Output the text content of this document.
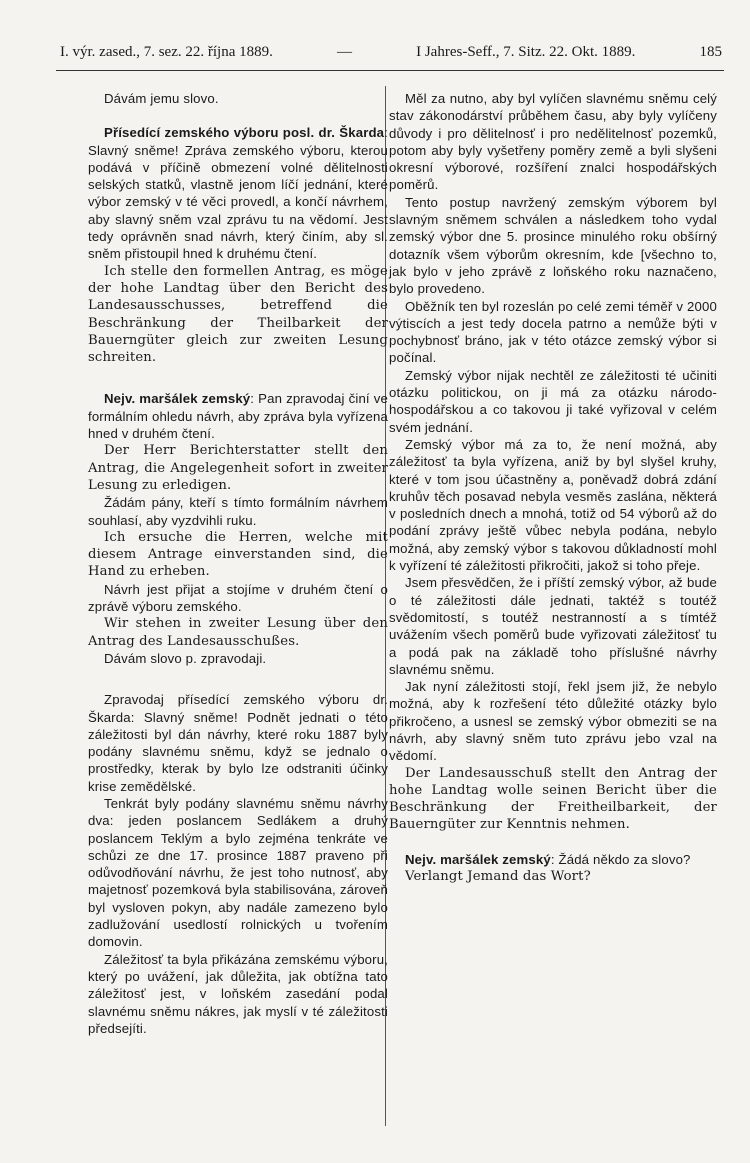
I. výr. zased., 7. sez. 22. října 1889.	—	I Jahres-Seff., 7. Sitz. 22. Okt. 1889.	185

Dávám jemu slovo.

Přísedící zemského výboru posl. dr. Škarda: Slavný sněme! Zpráva zemského výboru, kterou podává v příčině obmezení volné dělitelnosti selských statků, vlastně jenom líčí jednání, které výbor zemský v té věci provedl, a končí návrhem, aby slavný sněm vzal zprávu tu na vědomí. Jest tedy oprávněn snad návrh, který činím, aby sl. sněm přistoupil hned k druhému čtení.

Ich stelle den formellen Antrag, es möge der hohe Landtag über den Bericht des Landesausschusses, betreffend die Beschränkung der Theilbarkeit der Bauerngüter gleich zur zweiten Lesung schreiten.

Nejv. maršálek zemský: Pan zpravodaj činí ve formálním ohledu návrh, aby zpráva byla vyřízena hned v druhém čtení.

Der Herr Berichterstatter stellt den Antrag, die Angelegenheit sofort in zweiter Lesung zu erledigen.

Žádám pány, kteří s tímto formálním návrhem souhlasí, aby vyzdvihli ruku.

Ich ersuche die Herren, welche mit diesem Antrage einverstanden sind, die Hand zu erheben.

Návrh jest přijat a stojíme v druhém čtení o zprávě výboru zemského.

Wir stehen in zweiter Lesung über den Antrag des Landesausschußes.

Dávám slovo p. zpravodaji.

Zpravodaj přísedící zemského výboru dr. Škarda: Slavný sněme! Podnět jednati o této záležitosti byl dán návrhy, které roku 1887 byly podány slavnému sněmu, když se jednalo o prostředky, kterak by bylo lze odstraniti účinky krise zemědělské.

Tenkrát byly podány slavnému sněmu návrhy dva: jeden poslancem Sedlákem a druhý poslancem Teklým a bylo zejména tenkráte ve schůzi ze dne 17. prosince 1887 praveno při odůvodňování návrhu, že jest toho nutnosť, aby majetnosť pozemková byla stabilisována, zároveň byl vysloven pokyn, aby nadále zamezeno bylo zadlužování usedlostí rolnických u tvořením domovin.

Záležitosť ta byla přikázána zemskému výboru, který po uvážení, jak důležita, jak obtížna tato záležitosť jest, v loňském zasedání podal slavnému sněmu nákres, jak myslí v té záležitosti předsejíti.

Měl za nutno, aby byl vylíčen slavnému sněmu celý stav zákonodárství průběhem času, aby byly vylíčeny důvody i pro dělitelnosť i pro nedělitelnosť pozemků, potom aby byly vyšetřeny poměry země a byli slyšeni okresní výborové, rozšíření znalci hospodářských poměrů.

Tento postup navržený zemským výborem byl slavným sněmem schválen a následkem toho vydal zemský výbor dne 5. prosince minulého roku obšírný dotazník všem výborům okresním, kde [všechno to, jak bylo v jeho zprávě z loňského roku naznačeno, bylo provedeno.

Oběžník ten byl rozeslán po celé zemi téměř v 2000 výtiscích a jest tedy docela patrno a nemůže býti v pochybnosť bráno, jak v této otázce zemský výbor si počínal.

Zemský výbor nijak nechtěl ze záležitosti té učiniti otázku politickou, on ji má za otázku národo-hospodářskou a co takovou ji také vyřizoval v celém svém jednání.

Zemský výbor má za to, že není možná, aby záležitosť ta byla vyřízena, aniž by byl slyšel kruhy, které v tom jsou účastněny a, poněvadž dobrá zdání kruhův těch posavad nebyla vesměs zaslána, některá v posledních dnech a mnohá, totiž od 54 výborů až do podání zprávy ještě vůbec nebyla podána, nebylo možná, aby zemský výbor s takovou důkladností mohl k vyřízení té záležitosti přikročiti, jakož si toho přeje.

Jsem přesvědčen, že i příští zemský výbor, až bude o té záležitosti dále jednati, taktéž s toutéž svědomitostí, s toutéž nestranností a s tímtéž uvážením všech poměrů bude vyřizovati záležitosť tu a podá pak na základě toho příslušné návrhy slavnému sněmu.

Jak nyní záležitosti stojí, řekl jsem již, že nebylo možná, aby k rozřešení této důležité otázky bylo přikročeno, a usnesl se zemský výbor obmeziti se na návrh, aby slavný sněm tuto zprávu jebo vzal na vědomí.

Der Landesausschuß stellt den Antrag der hohe Landtag wolle seinen Bericht über die Beschränkung der Freitheilbarkeit, der Bauerngüter zur Kenntnis nehmen.

Nejv. maršálek zemský: Žádá někdo za slovo?

Verlangt Jemand das Wort?
